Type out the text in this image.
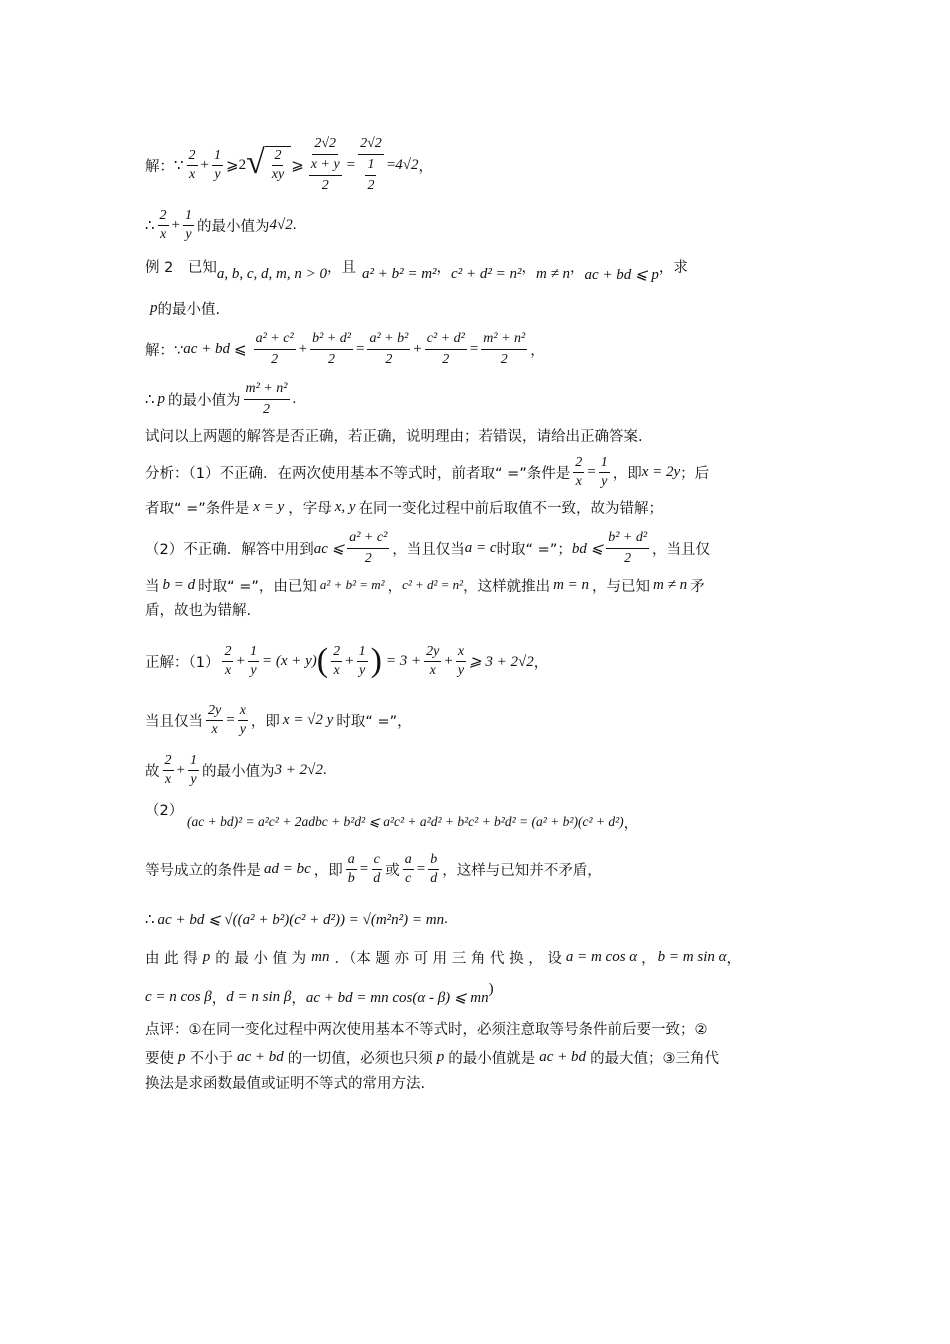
解： ∵ $\frac{2}{x} + \frac{1}{y}$ ⩾ 2 √ $\frac{2}{xy}$ ⩾ $\frac{2√2}{\frac{x + y}{2}} = \frac{2√2}{\frac{1}{2}} = 4√2$ ，
∴ $\frac{2}{x} + \frac{1}{y}$ 的最小值为 4√2 .
例 2　已知 a, b, c, d, m, n > 0 ，且 a² + b² = m² ， c² + d² = n² ， m ≠ n ， ac + bd ⩽ p ，求
p 的最小值.
解：∵ ac + bd ⩽ $\frac{\text{a² + c²}}{2} + \frac{\text{b² + d²}}{2} = \frac{\text{a² + b²}}{2} + \frac{\text{c² + d²}}{2} = \frac{\text{m² + n²}}{2}$ ，
∴ p 的最小值为 $\frac{\text{m² + n²}}{2}$ .
试问以上两题的解答是否正确，若正确，说明理由；若错误，请给出正确答案.
分析：（1）不正确．在两次使用基本不等式时，前者取“ =”条件是 $\frac{2}{x} = \frac{1}{y}$ ，即 x = 2y ；后
者取“ =”条件是 x = y ，字母 x, y 在同一变化过程中前后取值不一致，故为错解；
（2）不正确．解答中用到 ac ⩽ $\frac{\text{a² + c²}}{2}$ ，当且仅当 a = c 时取“ =”； bd ⩽ $\frac{\text{b² + d²}}{2}$ ，当且仅
当 b = d 时取“ =”，由已知 a² + b² = m² ， c² + d² = n² ，这样就推出 m = n ，与已知 m ≠ n 矛
盾，故也为错解.
正解：$(1) \frac{2}{x} + \frac{1}{y} = (x + y)$ ( $\frac{2}{x} + \frac{1}{y}$ ) = $3 + \frac{2y}{x} + \frac{x}{y}$ ⩾ 3 + 2√2 ，
当且仅当 $\frac{2y}{x} = \frac{x}{y}$ ，即 x = √2 y 时取“ =”，
故 $\frac{2}{x} + \frac{1}{y}$ 的最小值为 3 + 2√2 .
（2）
(ac + bd)² = a²c² + 2adbc + b²d² ⩽ a²c² + a²d² + b²c² + b²d² = (a² + b²)(c² + d²) ，
等号成立的条件是 ad = bc ，即 $\frac{a}{b} = \frac{c}{d}$ 或 $\frac{a}{c} = \frac{b}{d}$ ，这样与已知并不矛盾，
∴ ac + bd ⩽ √((a² + b²)(c² + d²)) = √(m²n²) = mn .
由 此 得 p 的 最 小 值 为 mn ．（本 题 亦 可 用 三 角 代 换 ， 设 a = m cos α ， b = m sin α ，
c = n cos β ， d = n sin β ， ac + bd = mn cos(α - β) ⩽ mn
)
点评：①在同一变化过程中两次使用基本不等式时，必须注意取等号条件前后要一致；②
要使 p 不小于 ac + bd 的一切值，必须也只须 p 的最小值就是 ac + bd 的最大值；③三角代
换法是求函数最值或证明不等式的常用方法.
